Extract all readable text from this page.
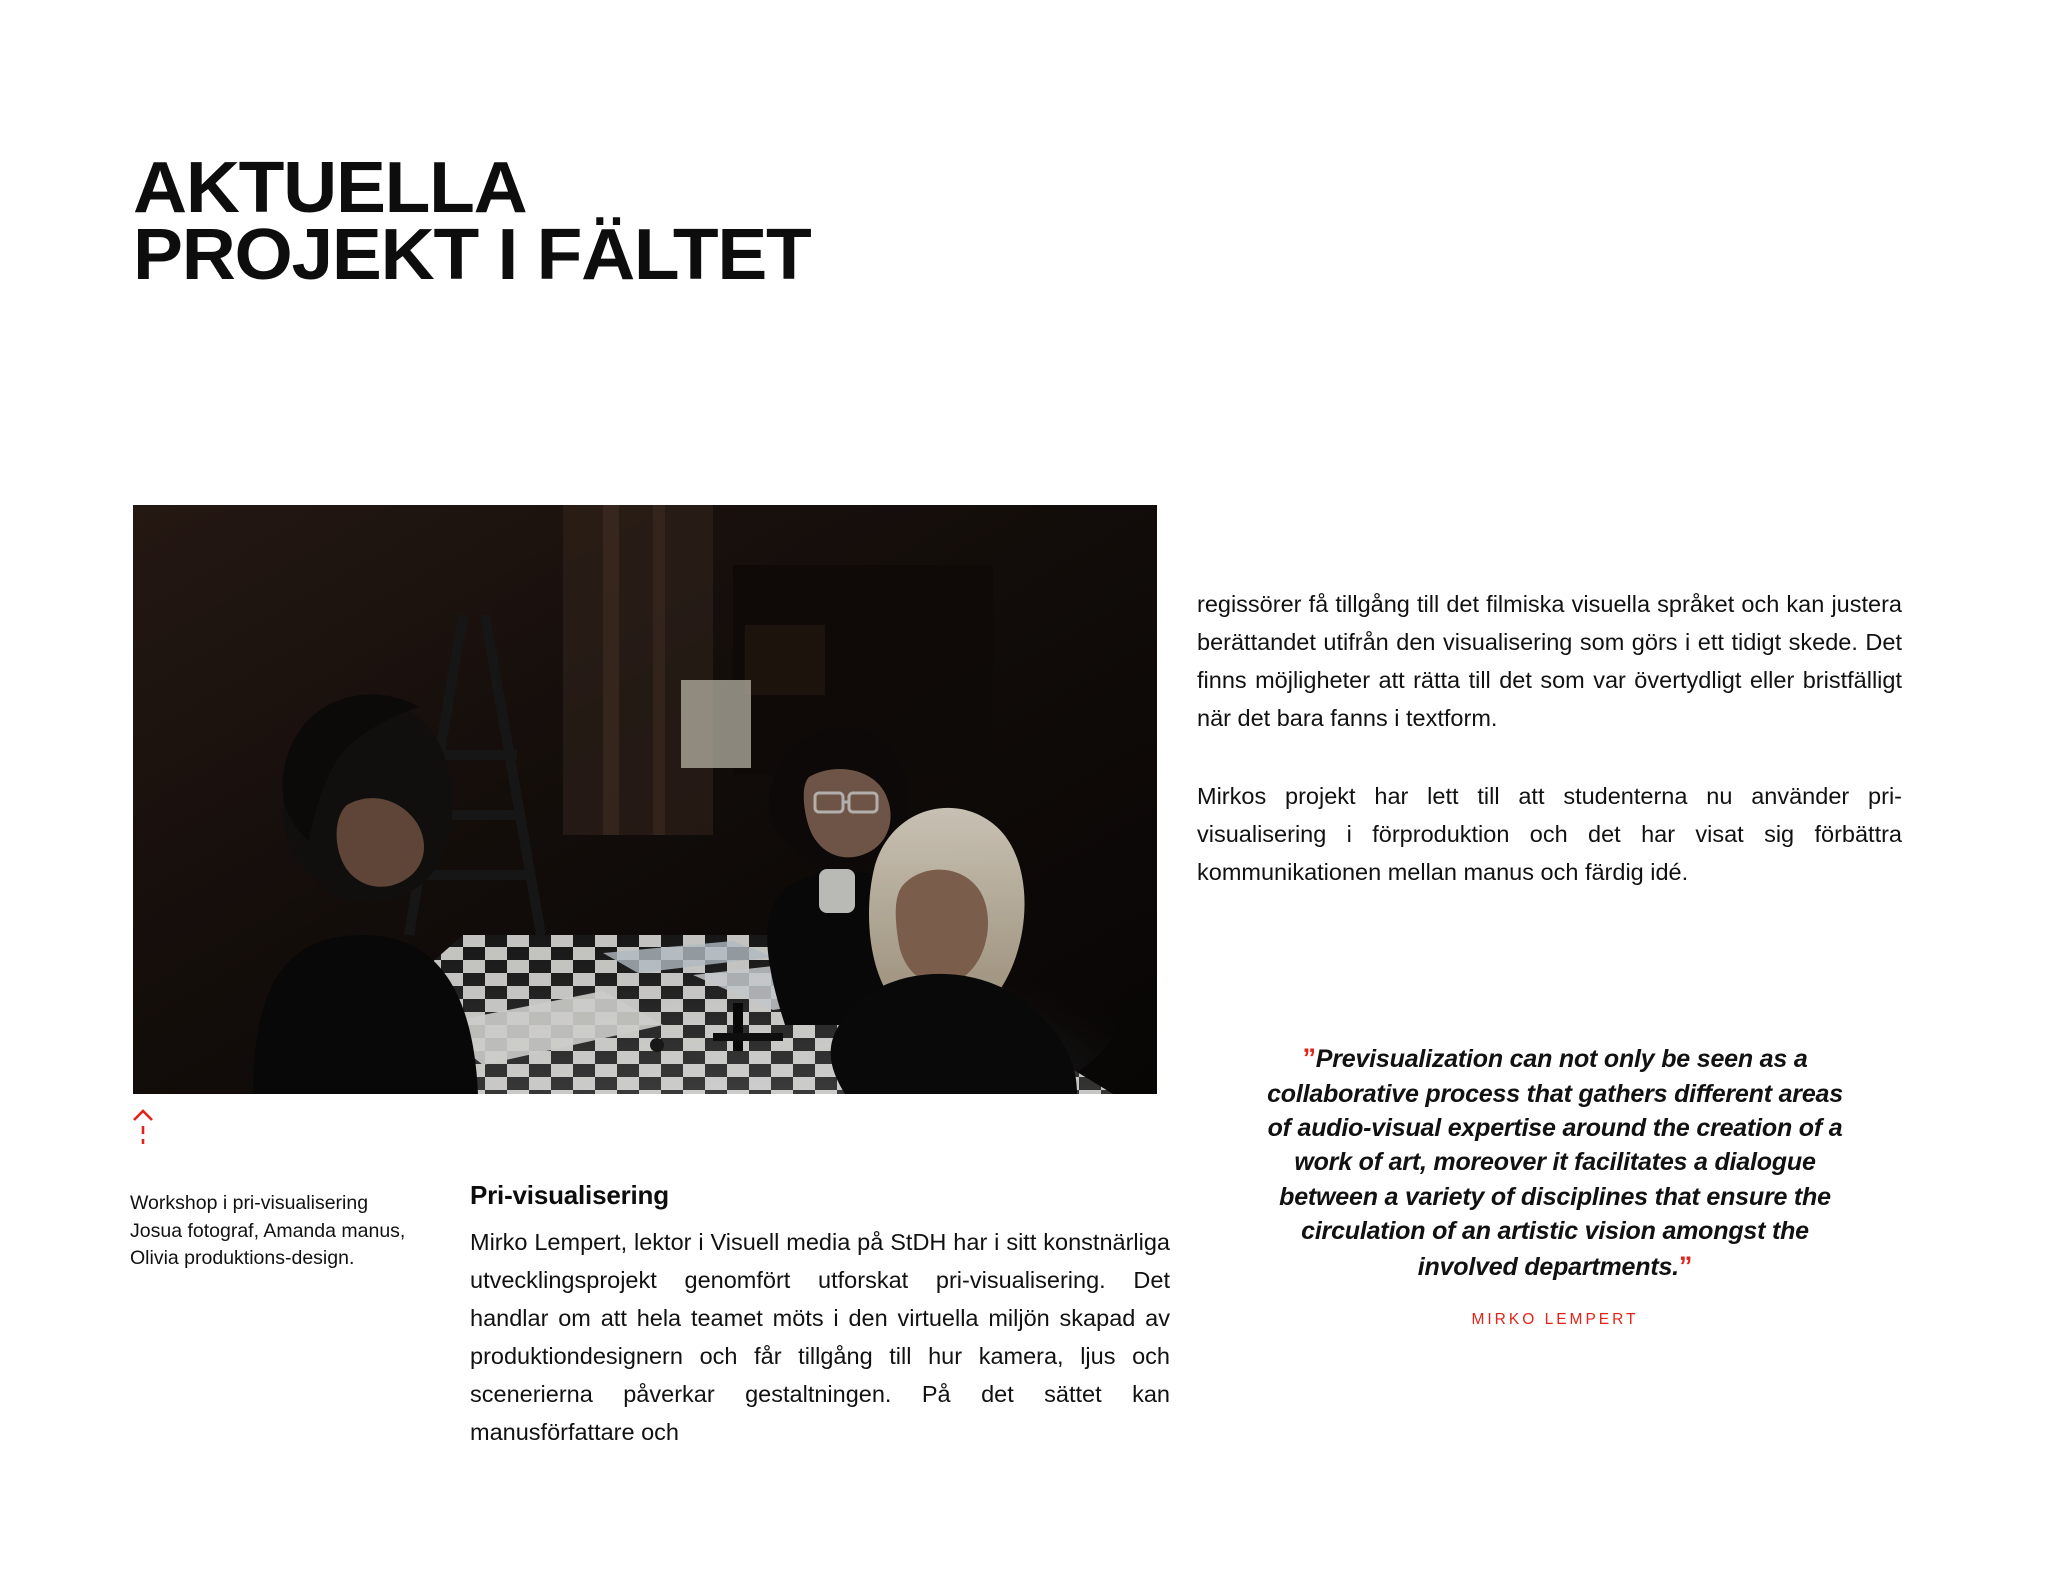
AKTUELLA
PROJEKT I FÄLTET
Workshop i pri-visualisering Josua fotograf, Amanda manus, Olivia produktions-design.
Pri-visualisering

Mirko Lempert, lektor i Visuell media på StDH har i sitt konstnärliga utvecklingsprojekt genomfört utforskat pri-visualisering. Det handlar om att hela teamet möts i den virtuella miljön skapad av produktiondesignern och får tillgång till hur kamera, ljus och scenerierna påverkar gestaltningen. På det sättet kan manusförfattare och

regissörer få tillgång till det filmiska visuella språket och kan justera berättandet utifrån den visualisering som görs i ett tidigt skede. Det finns möjligheter att rätta till det som var övertydligt eller bristfälligt när det bara fanns i textform.

Mirkos projekt har lett till att studenterna nu använder pri-visualisering i förproduktion och det har visat sig förbättra kommunikationen mellan manus och färdig idé.

”Previsualization can not only be seen as a collaborative process that gathers different areas of audio-visual expertise around the creation of a work of art, moreover it facilitates a dialogue between a variety of disciplines that ensure the circulation of an artistic vision amongst the involved departments.”
MIRKO LEMPERT
